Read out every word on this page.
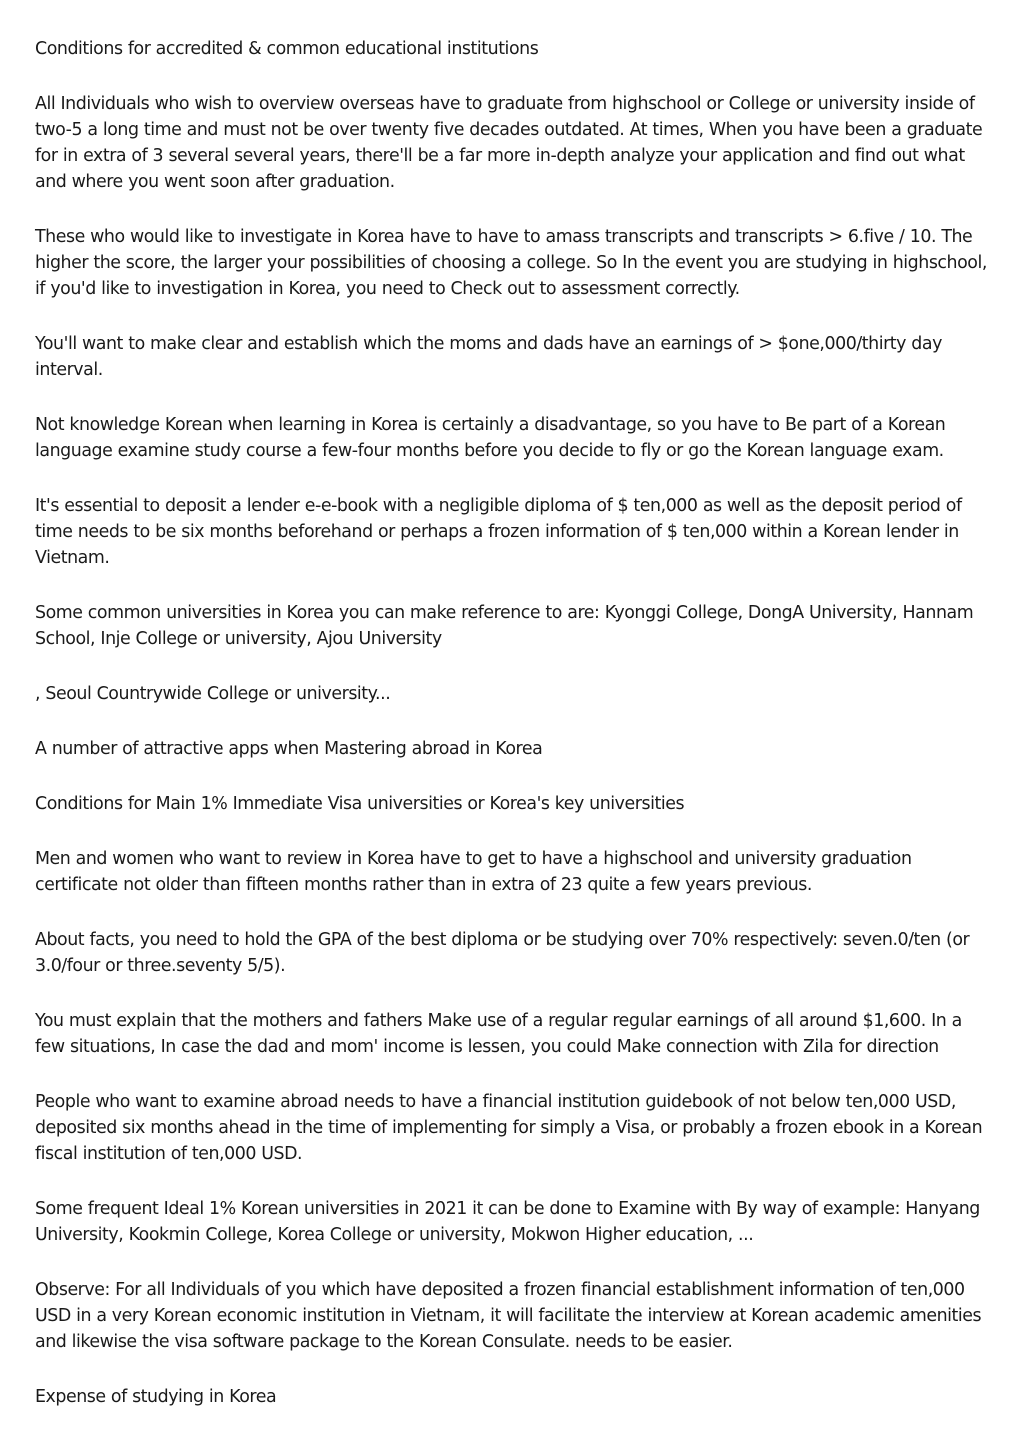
Conditions for accredited & common educational institutions

All Individuals who wish to overview overseas have to graduate from highschool or College or university inside of two-5 a long time and must not be over twenty five decades outdated. At times, When you have been a graduate for in extra of 3 several several years, there'll be a far more in-depth analyze your application and find out what and where you went soon after graduation.

These who would like to investigate in Korea have to have to amass transcripts and transcripts > 6.five / 10. The higher the score, the larger your possibilities of choosing a college. So In the event you are studying in highschool, if you'd like to investigation in Korea, you need to Check out to assessment correctly.

You'll want to make clear and establish which the moms and dads have an earnings of > $one,000/thirty day interval.

Not knowledge Korean when learning in Korea is certainly a disadvantage, so you have to Be part of a Korean language examine study course a few-four months before you decide to fly or go the Korean language exam.

It's essential to deposit a lender e-e-book with a negligible diploma of $ ten,000 as well as the deposit period of time needs to be six months beforehand or perhaps a frozen information of $ ten,000 within a Korean lender in Vietnam.

Some common universities in Korea you can make reference to are: Kyonggi College, DongA University, Hannam School, Inje College or university, Ajou University

, Seoul Countrywide College or university...

A number of attractive apps when Mastering abroad in Korea

Conditions for Main 1% Immediate Visa universities or Korea's key universities

Men and women who want to review in Korea have to get to have a highschool and university graduation certificate not older than fifteen months rather than in extra of 23 quite a few years previous.

About facts, you need to hold the GPA of the best diploma or be studying over 70% respectively: seven.0/ten (or 3.0/four or three.seventy 5/5).

You must explain that the mothers and fathers Make use of a regular regular earnings of all around $1,600. In a few situations, In case the dad and mom' income is lessen, you could Make connection with Zila for direction

People who want to examine abroad needs to have a financial institution guidebook of not below ten,000 USD, deposited six months ahead in the time of implementing for simply a Visa, or probably a frozen ebook in a Korean fiscal institution of ten,000 USD.

Some frequent Ideal 1% Korean universities in 2021 it can be done to Examine with By way of example: Hanyang University, Kookmin College, Korea College or university, Mokwon Higher education, ...

Observe: For all Individuals of you which have deposited a frozen financial establishment information of ten,000 USD in a very Korean economic institution in Vietnam, it will facilitate the interview at Korean academic amenities and likewise the visa software package to the Korean Consulate. needs to be easier.

Expense of studying in Korea
